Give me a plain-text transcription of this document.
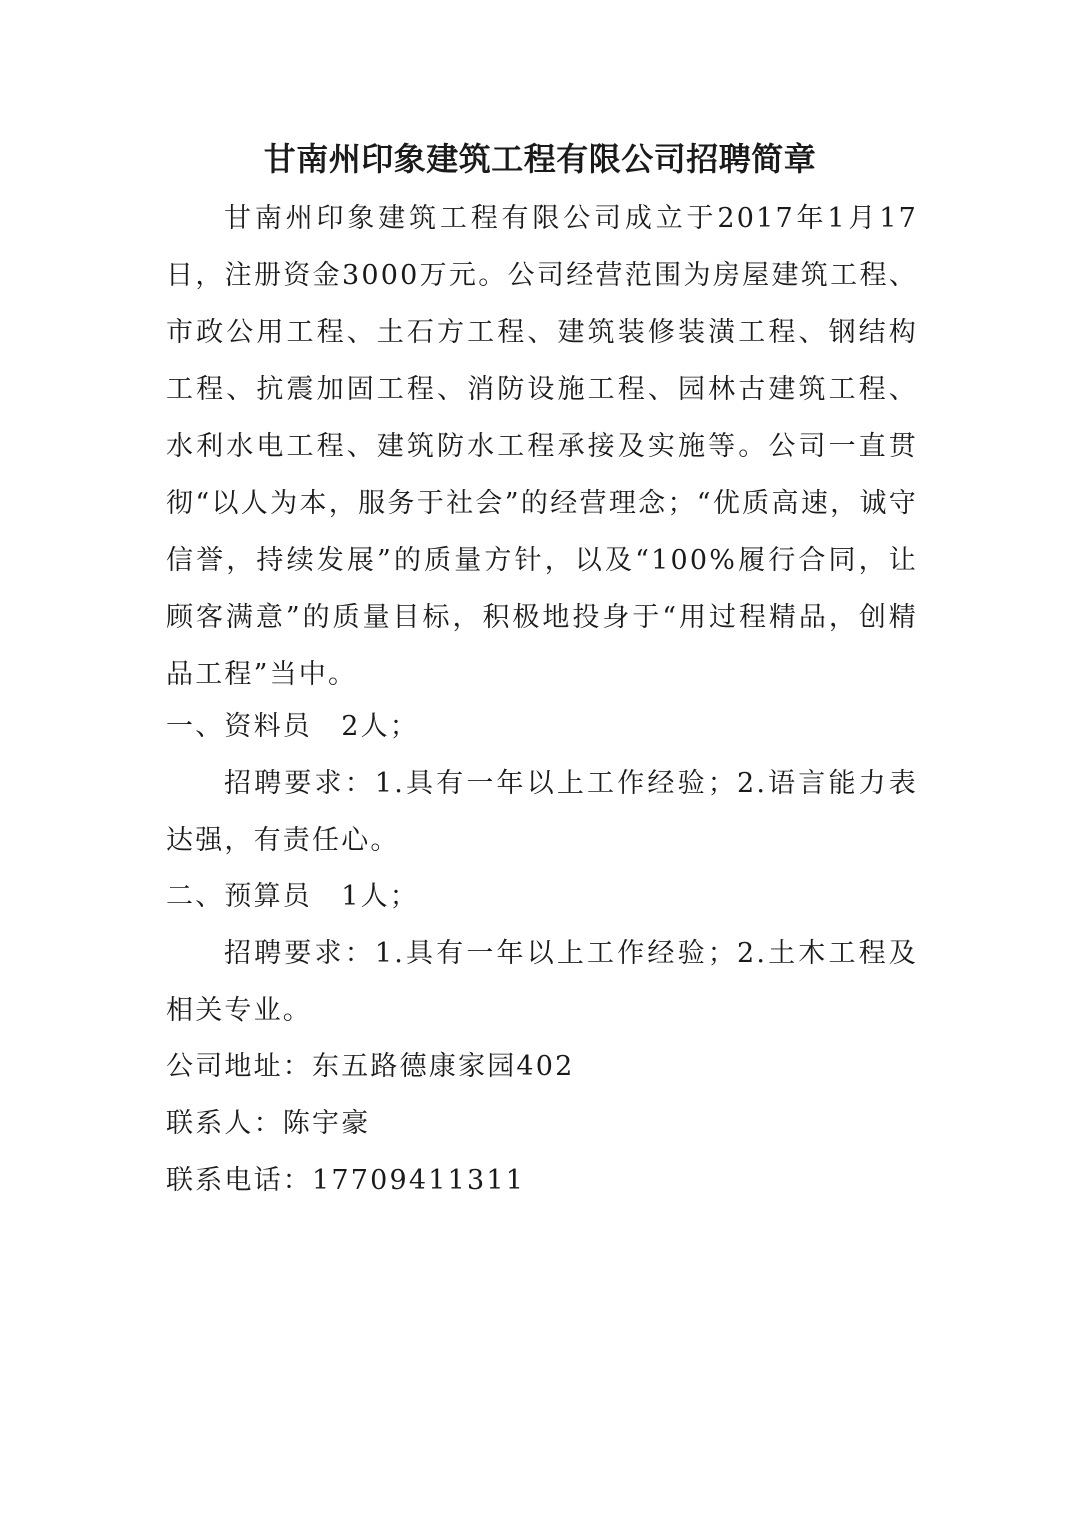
甘南州印象建筑工程有限公司招聘简章

甘南州印象建筑工程有限公司成立于2017年1月17日，注册资金3000万元。公司经营范围为房屋建筑工程、市政公用工程、土石方工程、建筑装修装潢工程、钢结构工程、抗震加固工程、消防设施工程、园林古建筑工程、水利水电工程、建筑防水工程承接及实施等。公司一直贯彻“以人为本，服务于社会”的经营理念；“优质高速，诚守信誉，持续发展”的质量方针，以及“100%履行合同，让顾客满意”的质量目标，积极地投身于“用过程精品，创精品工程”当中。

一、资料员　2人；

招聘要求：1.具有一年以上工作经验；2.语言能力表达强，有责任心。

二、预算员　1人；

招聘要求：1.具有一年以上工作经验；2.土木工程及相关专业。

公司地址：东五路德康家园402

联系人：陈宇豪

联系电话：17709411311
